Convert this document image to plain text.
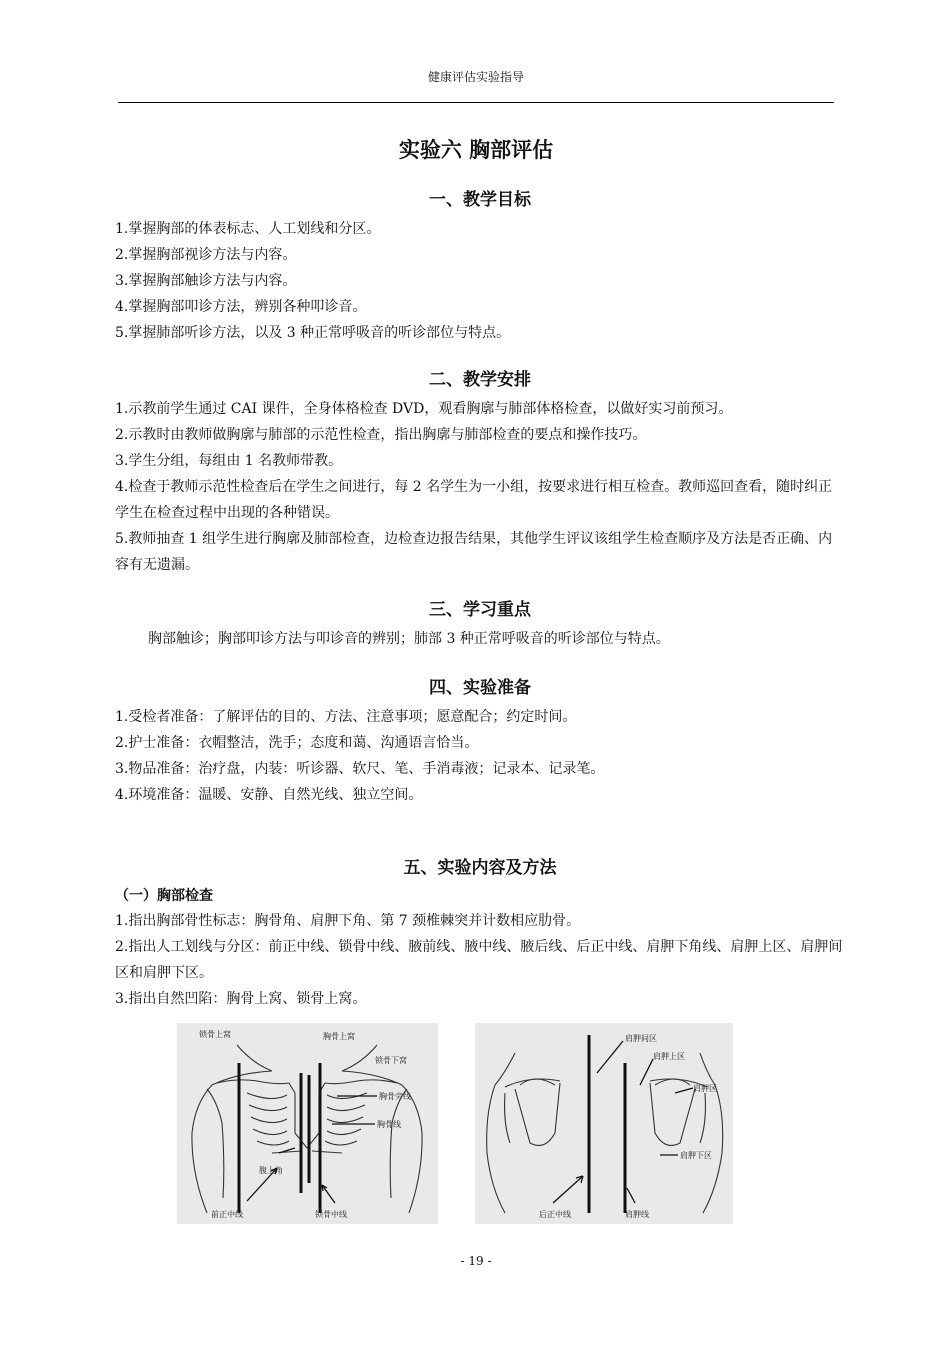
健康评估实验指导
实验六 胸部评估
一、教学目标

1.掌握胸部的体表标志、人工划线和分区。

2.掌握胸部视诊方法与内容。

3.掌握胸部触诊方法与内容。

4.掌握胸部叩诊方法，辨别各种叩诊音。

5.掌握肺部听诊方法，以及 3 种正常呼吸音的听诊部位与特点。

二、教学安排

1.示教前学生通过 CAI 课件，全身体格检查 DVD，观看胸廓与肺部体格检查，以做好实习前预习。

2.示教时由教师做胸廓与肺部的示范性检查，指出胸廓与肺部检查的要点和操作技巧。

3.学生分组，每组由 1 名教师带教。

4.检查于教师示范性检查后在学生之间进行，每 2 名学生为一小组，按要求进行相互检查。教师巡回查看，随时纠正学生在检查过程中出现的各种错误。

5.教师抽查 1 组学生进行胸廓及肺部检查，边检查边报告结果，其他学生评议该组学生检查顺序及方法是否正确、内容有无遗漏。

三、学习重点

胸部触诊；胸部叩诊方法与叩诊音的辨别；肺部 3 种正常呼吸音的听诊部位与特点。

四、实验准备

1.受检者准备：了解评估的目的、方法、注意事项；愿意配合；约定时间。

2.护士准备：衣帽整洁，洗手；态度和蔼、沟通语言恰当。

3.物品准备：治疗盘，内装：听诊器、软尺、笔、手消毒液；记录本、记录笔。

4.环境准备：温暖、安静、自然光线、独立空间。

五、实验内容及方法

（一）胸部检查

1.指出胸部骨性标志：胸骨角、肩胛下角、第 7 颈椎棘突并计数相应肋骨。

2.指出人工划线与分区：前正中线、锁骨中线、腋前线、腋中线、腋后线、后正中线、肩胛下角线、肩胛上区、肩胛间区和肩胛下区。

3.指出自然凹陷：胸骨上窝、锁骨上窝。

锁骨上窝	胸骨上窝
锁骨下窝
胸骨旁线
胸骨线
腹上角
前正中线	锁骨中线
肩胛间区
肩胛上区
肩胛区
肩胛下区
后正中线	肩胛线
- 19 -
